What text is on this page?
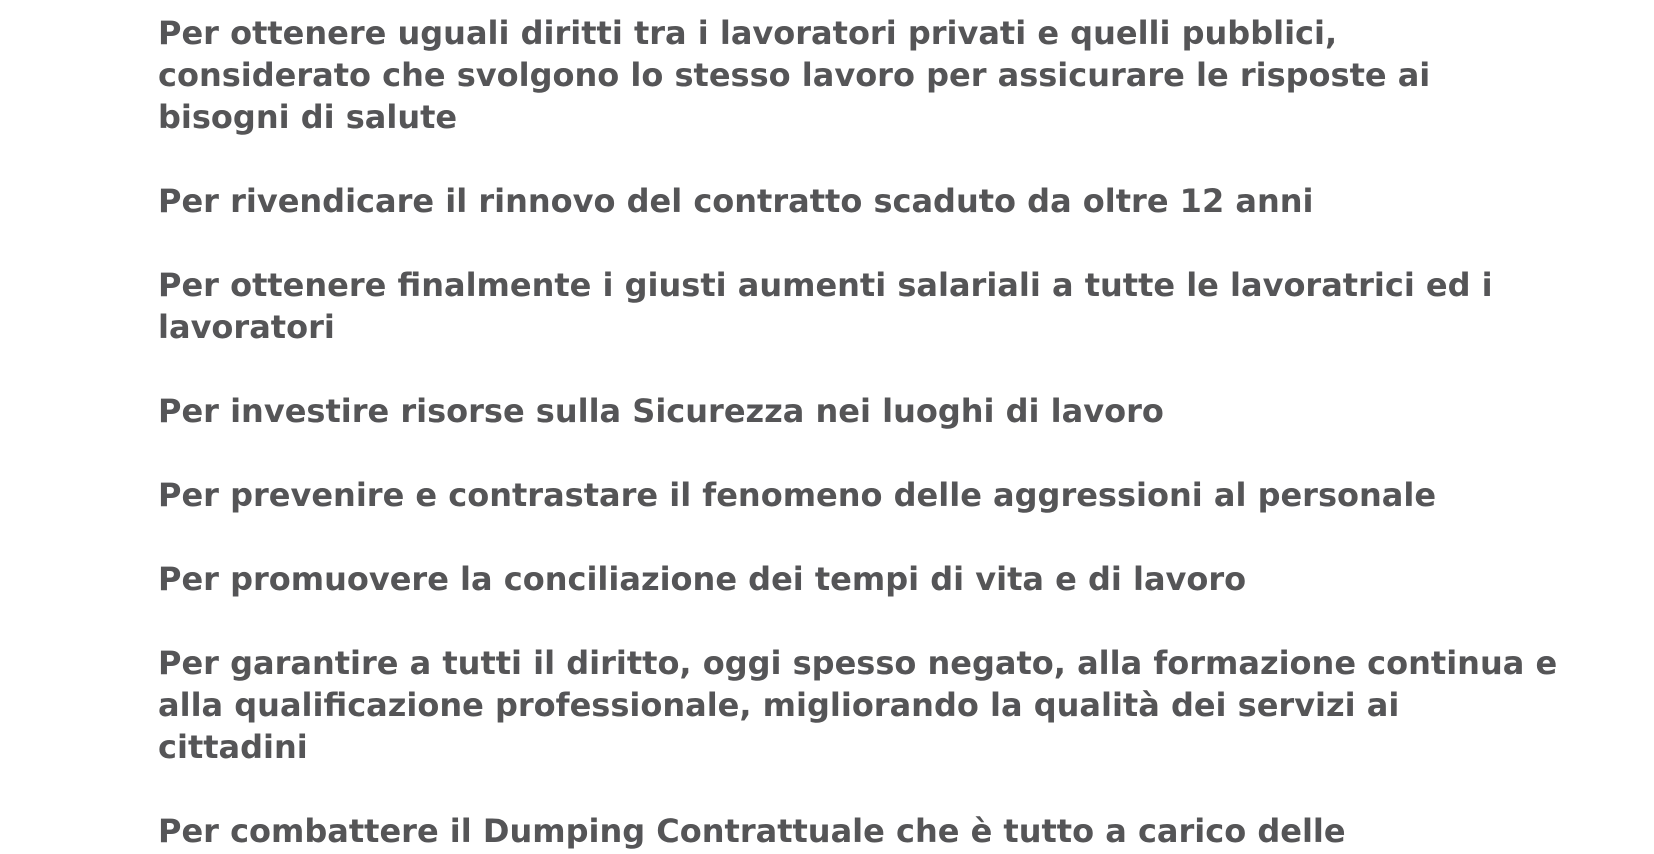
Per ottenere uguali diritti tra i lavoratori privati e quelli pubblici, considerato che svolgono lo stesso lavoro per assicurare le risposte ai bisogni di salute
Per rivendicare il rinnovo del contratto scaduto da oltre 12 anni
Per ottenere finalmente i giusti aumenti salariali a tutte le lavoratrici ed i lavoratori
Per investire risorse sulla Sicurezza nei luoghi di lavoro
Per prevenire e contrastare il fenomeno delle aggressioni al personale
Per promuovere la conciliazione dei tempi di vita e di lavoro
Per garantire a tutti il diritto, oggi spesso negato, alla formazione continua e alla qualificazione professionale, migliorando la qualità dei servizi ai cittadini
Per combattere il Dumping Contrattuale che è tutto a carico delle
